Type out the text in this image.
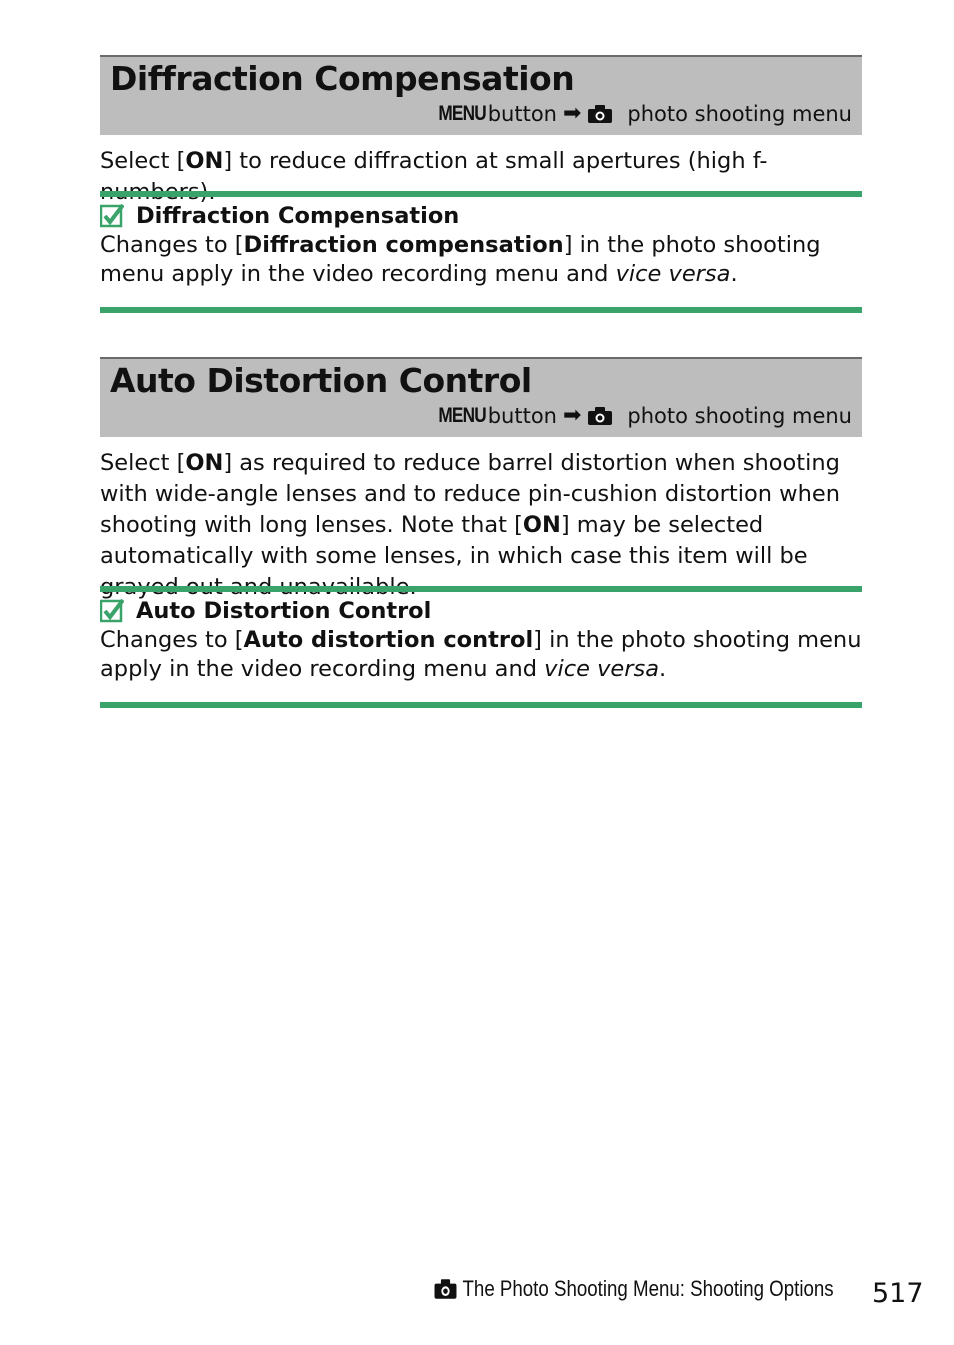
Diffraction Compensation
MENU button ➡ photo shooting menu
Select [ON] to reduce diffraction at small apertures (high f-numbers).
Diffraction Compensation
Changes to [Diffraction compensation] in the photo shooting menu apply in the video recording menu and vice versa.
Auto Distortion Control
MENU button ➡ photo shooting menu
Select [ON] as required to reduce barrel distortion when shooting with wide-angle lenses and to reduce pin-cushion distortion when shooting with long lenses. Note that [ON] may be selected automatically with some lenses, in which case this item will be grayed out and unavailable.
Auto Distortion Control
Changes to [Auto distortion control] in the photo shooting menu apply in the video recording menu and vice versa.
The Photo Shooting Menu: Shooting Options 517
